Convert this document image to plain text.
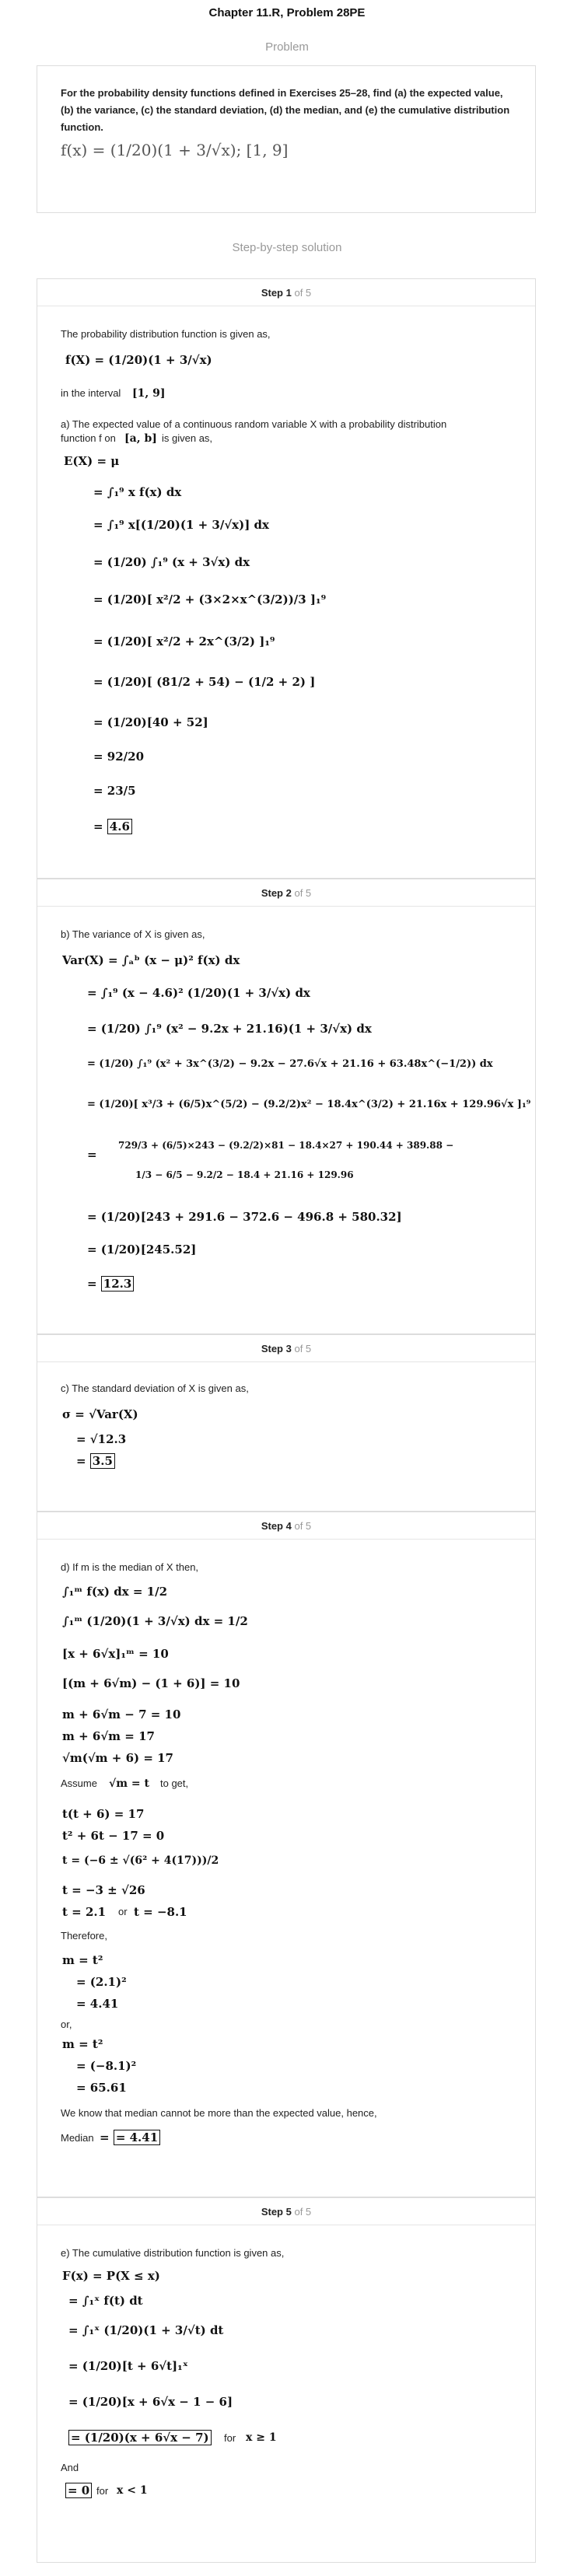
Chapter 11.R, Problem 28PE
Problem
For the probability density functions defined in Exercises 25–28, find (a) the expected value, (b) the variance, (c) the standard deviation, (d) the median, and (e) the cumulative distribution function.
f(x) = (1/20)(1 + 3/√x); [1, 9]
Step-by-step solution
Step 1 of 5
The probability distribution function is given as,
f(X) = (1/20)(1 + 3/√x)
in the interval [1, 9]
a) The expected value of a continuous random variable X with a probability distribution
function f on [a, b] is given as,
E(X) = μ
= ∫₁⁹ x f(x) dx
= ∫₁⁹ x[(1/20)(1 + 3/√x)] dx
= (1/20) ∫₁⁹ (x + 3√x) dx
= (1/20)[ x²/2 + (3×2×x^(3/2))/3 ]₁⁹
= (1/20)[ x²/2 + 2x^(3/2) ]₁⁹
= (1/20)[ (81/2 + 54) − (1/2 + 2) ]
= (1/20)[40 + 52]
= 92/20
= 23/5
= 4.6
Step 2 of 5
b) The variance of X is given as,
Var(X) = ∫ₐᵇ (x − μ)² f(x) dx
= ∫₁⁹ (x − 4.6)² (1/20)(1 + 3/√x) dx
= (1/20) ∫₁⁹ (x² − 9.2x + 21.16)(1 + 3/√x) dx
= (1/20) ∫₁⁹ (x² + 3x^(3/2) − 9.2x − 27.6√x + 21.16 + 63.48x^(−1/2)) dx
= (1/20)[ x³/3 + (6/5)x^(5/2) − (9.2/2)x² − 18.4x^(3/2) + 21.16x + 129.96√x ]₁⁹
=
729/3 + (6/5)×243 − (9.2/2)×81 − 18.4×27 + 190.44 + 389.88 −
1/3 − 6/5 − 9.2/2 − 18.4 + 21.16 + 129.96
= (1/20)[243 + 291.6 − 372.6 − 496.8 + 580.32]
= (1/20)[245.52]
= 12.3
Step 3 of 5
c) The standard deviation of X is given as,
σ = √Var(X)
= √12.3
= 3.5
Step 4 of 5
d) If m is the median of X then,
∫₁ᵐ f(x) dx = 1/2
∫₁ᵐ (1/20)(1 + 3/√x) dx = 1/2
[x + 6√x]₁ᵐ = 10
[(m + 6√m) − (1 + 6)] = 10
m + 6√m − 7 = 10
m + 6√m = 17
√m(√m + 6) = 17
Assume √m = t to get,
t(t + 6) = 17
t² + 6t − 17 = 0
t = (−6 ± √(6² + 4(17)))/2
t = −3 ± √26
t = 2.1 or t = −8.1
Therefore,
m = t²
= (2.1)²
= 4.41
or,
m = t²
= (−8.1)²
= 65.61
We know that median cannot be more than the expected value, hence,
Median = = 4.41
Step 5 of 5
e) The cumulative distribution function is given as,
F(x) = P(X ≤ x)
= ∫₁ˣ f(t) dt
= ∫₁ˣ (1/20)(1 + 3/√t) dt
= (1/20)[t + 6√t]₁ˣ
= (1/20)[x + 6√x − 1 − 6]
= (1/20)(x + 6√x − 7) for x ≥ 1
And
= 0 for x < 1
